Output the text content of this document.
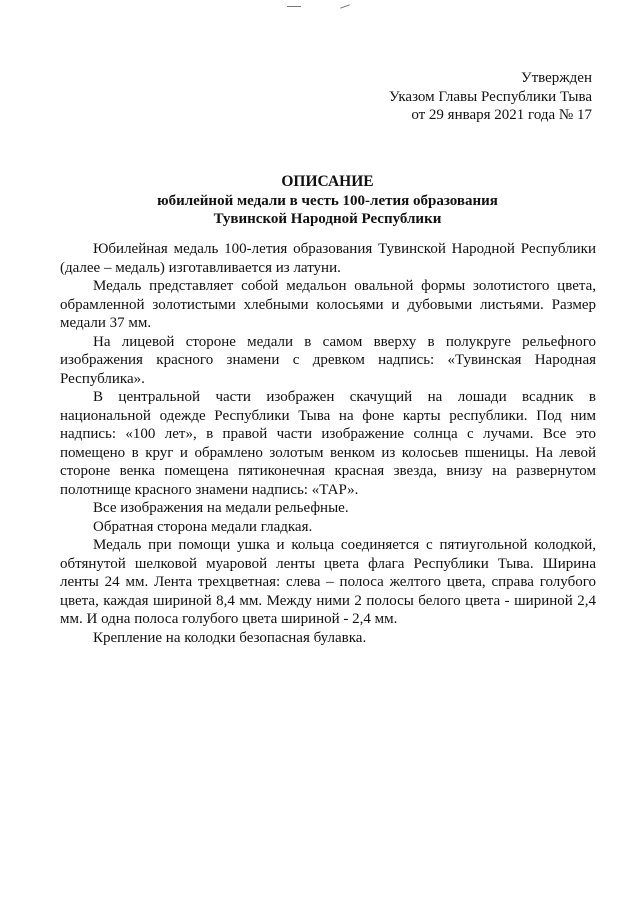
Утвержден
Указом Главы Республики Тыва
от 29 января 2021 года № 17
ОПИСАНИЕ
юбилейной медали в честь 100-летия образования
Тувинской Народной Республики

Юбилейная медаль 100-летия образования Тувинской Народной Республики (далее – медаль) изготавливается из латуни.

Медаль представляет собой медальон овальной формы золотистого цвета, обрамленной золотистыми хлебными колосьями и дубовыми листьями. Размер медали 37 мм.

На лицевой стороне медали в самом вверху в полукруге рельефного изображения красного знамени с древком надпись: «Тувинская Народная Республика».

В центральной части изображен скачущий на лошади всадник в национальной одежде Республики Тыва на фоне карты республики. Под ним надпись: «100 лет», в правой части изображение солнца с лучами. Все это помещено в круг и обрамлено золотым венком из колосьев пшеницы. На левой стороне венка помещена пятиконечная красная звезда, внизу на развернутом полотнище красного знамени надпись: «ТАР».

Все изображения на медали рельефные.

Обратная сторона медали гладкая.

Медаль при помощи ушка и кольца соединяется с пятиугольной колодкой, обтянутой шелковой муаровой ленты цвета флага Республики Тыва. Ширина ленты 24 мм. Лента трехцветная: слева – полоса желтого цвета, справа голубого цвета, каждая шириной 8,4 мм. Между ними 2 полосы белого цвета - шириной 2,4 мм. И одна полоса голубого цвета шириной - 2,4 мм.

Крепление на колодки безопасная булавка.
